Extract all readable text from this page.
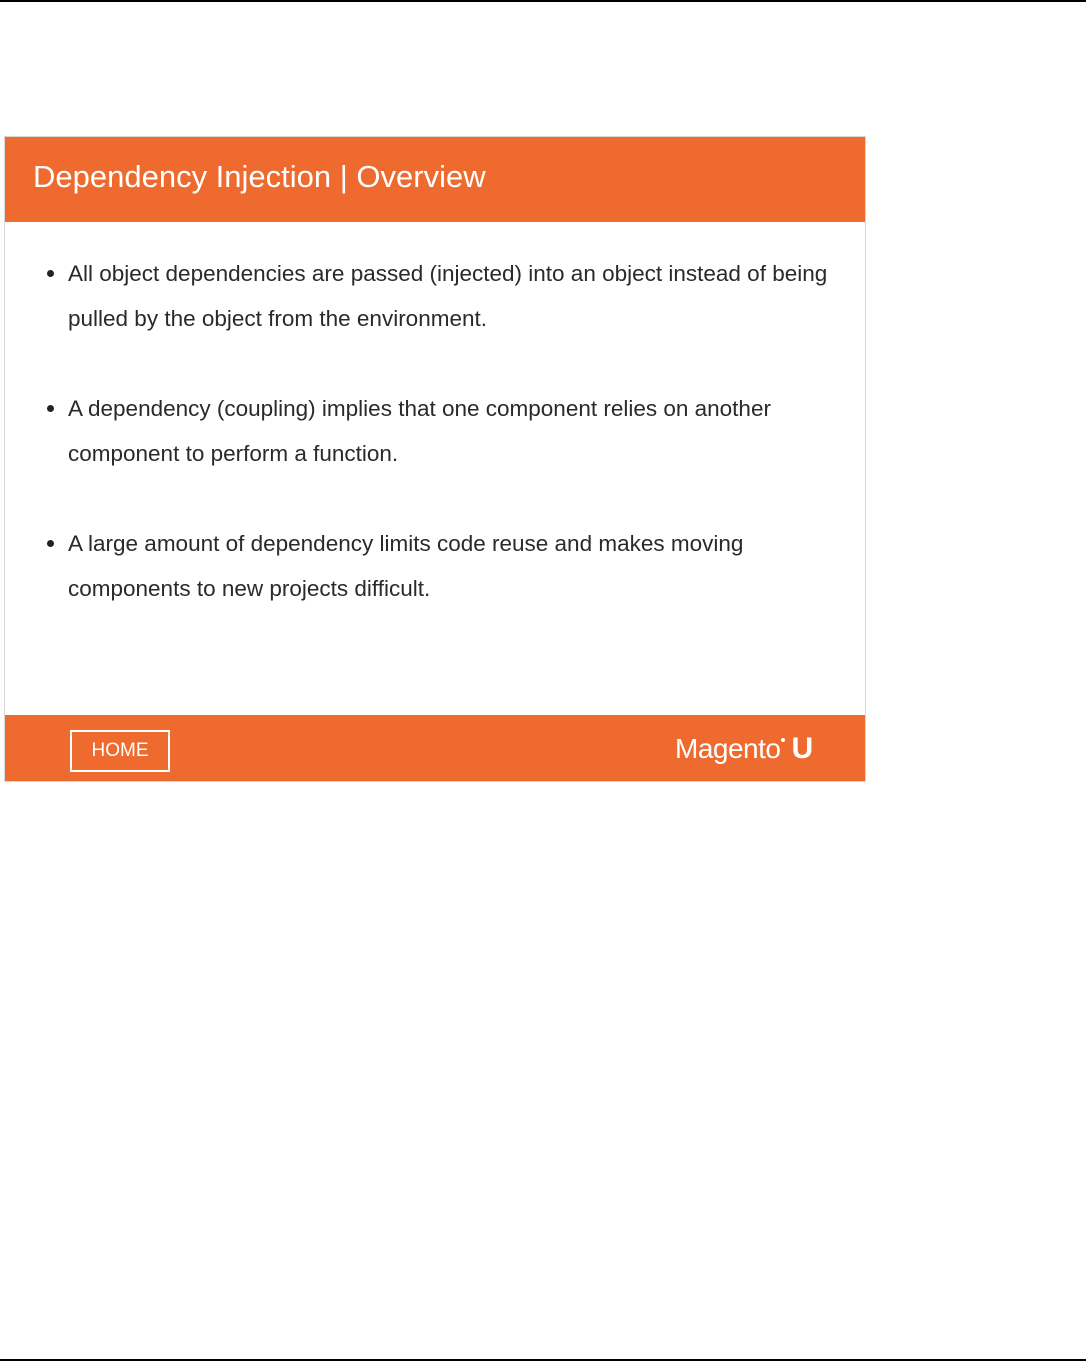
Dependency Injection | Overview
All object dependencies are passed (injected) into an object instead of being pulled by the object from the environment.
A dependency (coupling) implies that one component relies on another component to perform a function.
A large amount of dependency limits code reuse and makes moving components to new projects difficult.
HOME	Magento U
